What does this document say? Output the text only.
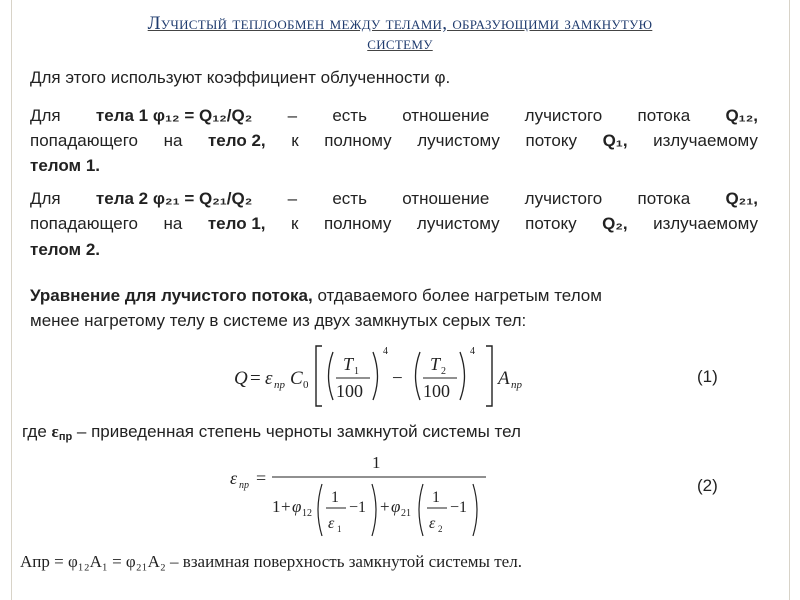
Лучистый теплообмен между телами, образующими замкнутую
систему
Для этого используют коэффициент облученности φ.
Для тела 1 φ₁₂ = Q₁₂/Q₂ – есть отношение лучистого потока Q₁₂,
попадающего на тело 2, к полному лучистому потоку Q₁, излучаемому
телом 1.
Для тела 2 φ₂₁ = Q₂₁/Q₂ – есть отношение лучистого потока Q₂₁,
попадающего на тело 1, к полному лучистому потоку Q₂, излучаемому
телом 2.
Уравнение для лучистого потока, отдаваемого более нагретым телом
менее нагретому телу в системе из двух замкнутых серых тел:
Q = ε пр C 0
T 1
100
4
−
T 2
100
4
A пр	(1)
где εпр – приведенная степень черноты замкнутой системы тел
ε пр =
1
1 + φ 12
1
ε 1
−1 + φ 21
1
ε 2
−1
(2)
Aпр = φ₁₂A₁ = φ₂₁A₂ – взаимная поверхность замкнутой системы тел.
